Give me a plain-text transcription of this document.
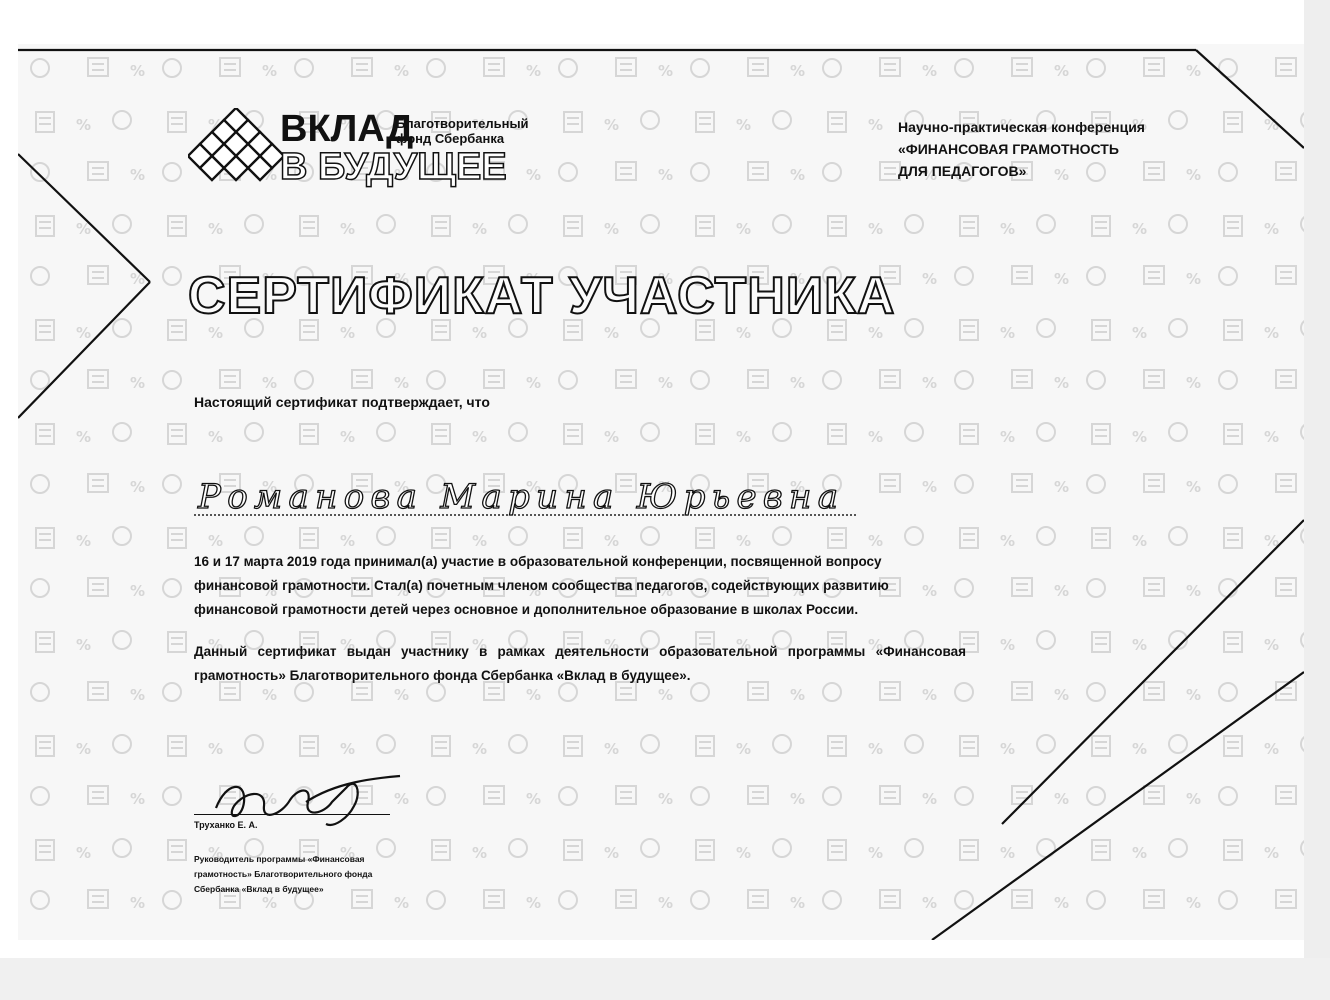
ВКЛАД
В БУДУЩЕЕ
Благотворительный
фонд Сбербанка
Научно-практическая конференция
«ФИНАНСОВАЯ ГРАМОТНОСТЬ
ДЛЯ ПЕДАГОГОВ»
СЕРТИФИКАТ УЧАСТНИКА
Настоящий сертификат подтверждает, что
Романова Марина Юрьевна
16 и 17 марта 2019 года принимал(а) участие в образовательной конференции, посвященной вопросу финансовой грамотности. Стал(а) почетным членом сообщества педагогов, содействующих развитию финансовой грамотности детей через основное и дополнительное образование в школах России.
Данный сертификат выдан участнику в рамках деятельности образовательной программы «Финансовая грамотность» Благотворительного фонда Сбербанка «Вклад в будущее».
Труханко Е. А.
Руководитель программы «Финансовая грамотность» Благотворительного фонда Сбербанка «Вклад в будущее»
